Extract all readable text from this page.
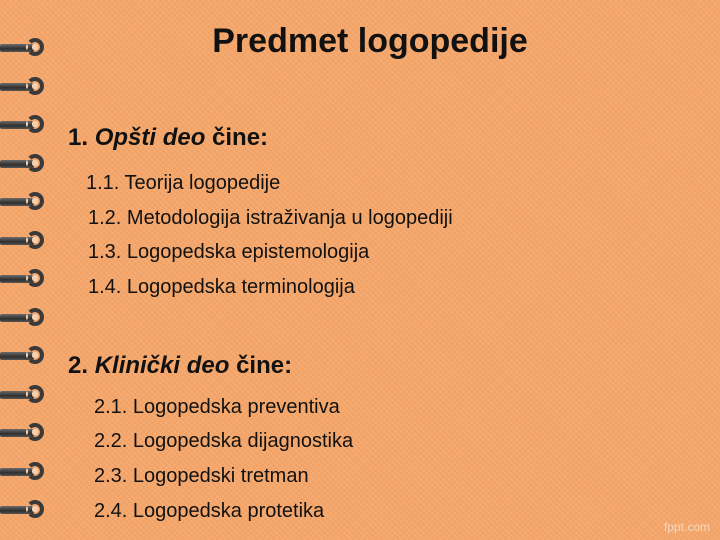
Predmet logopedije
1. Opšti deo čine:
1.1. Teorija logopedije
1.2. Metodologija istraživanja u logopediji
1.3. Logopedska epistemologija
1.4. Logopedska terminologija
2. Klinički deo čine:
2.1. Logopedska preventiva
2.2. Logopedska dijagnostika
2.3. Logopedski tretman
2.4. Logopedska protetika
fppt.com
